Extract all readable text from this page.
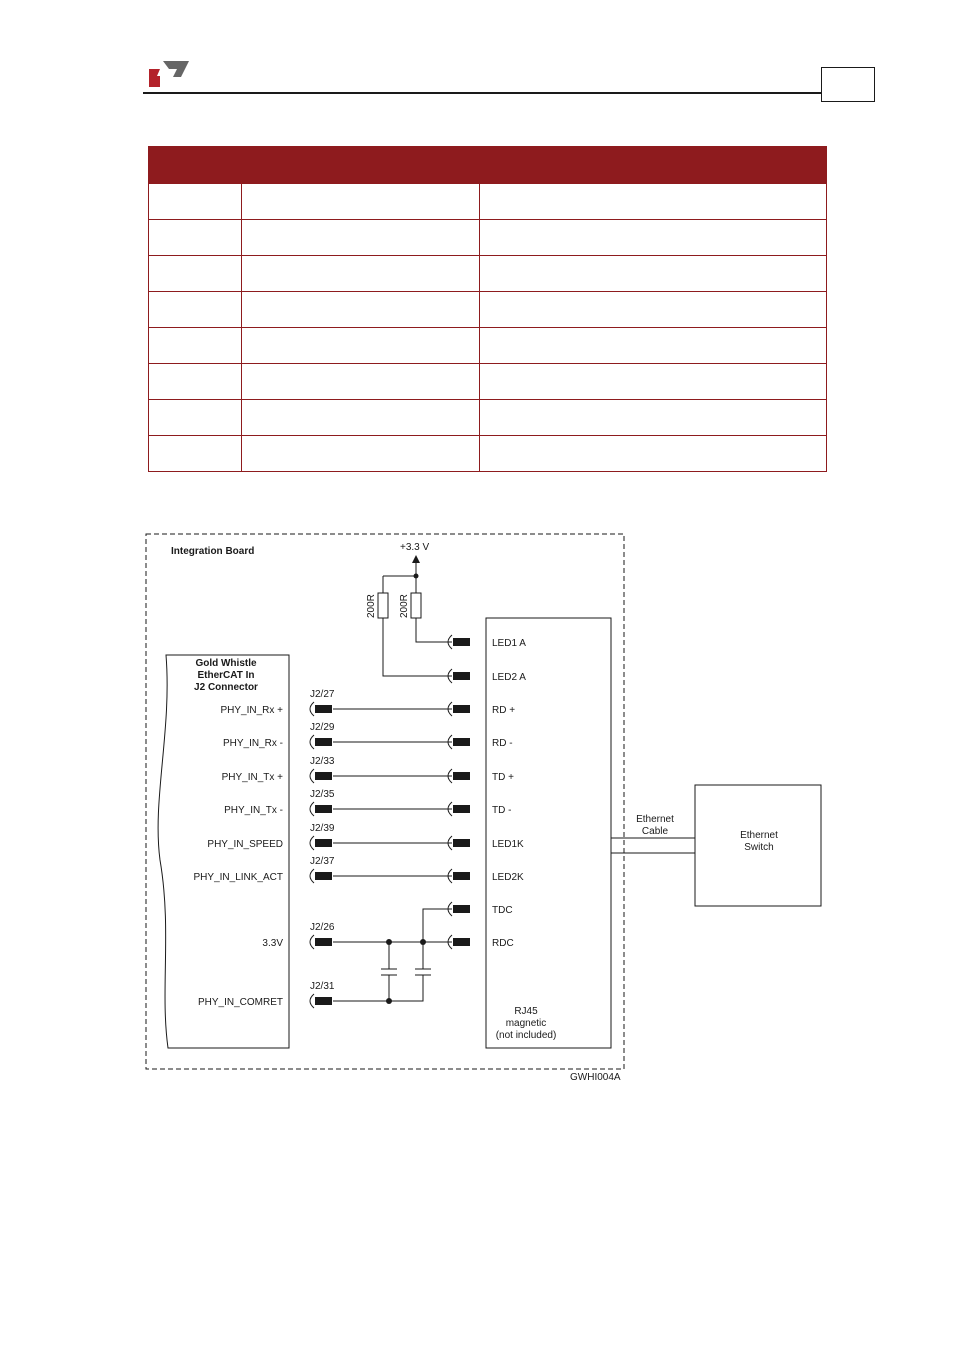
Integration Board	+3.3 V
200R 200R
Gold Whistle
EtherCAT In
J2 Connector
PHY_IN_Rx +
J2/27
PHY_IN_Rx -
J2/29
PHY_IN_Tx +
J2/33
PHY_IN_Tx -
J2/35
PHY_IN_SPEED
J2/39
PHY_IN_LINK_ACT
J2/37
3.3V
J2/26
PHY_IN_COMRET
J2/31
LED1 A
LED2 A
RD +
RD -
TD +
TD -
LED1K
LED2K
TDC
RDC
RJ45
magnetic
(not included)
Ethernet
Cable	Ethernet
Switch
GWHI004A
